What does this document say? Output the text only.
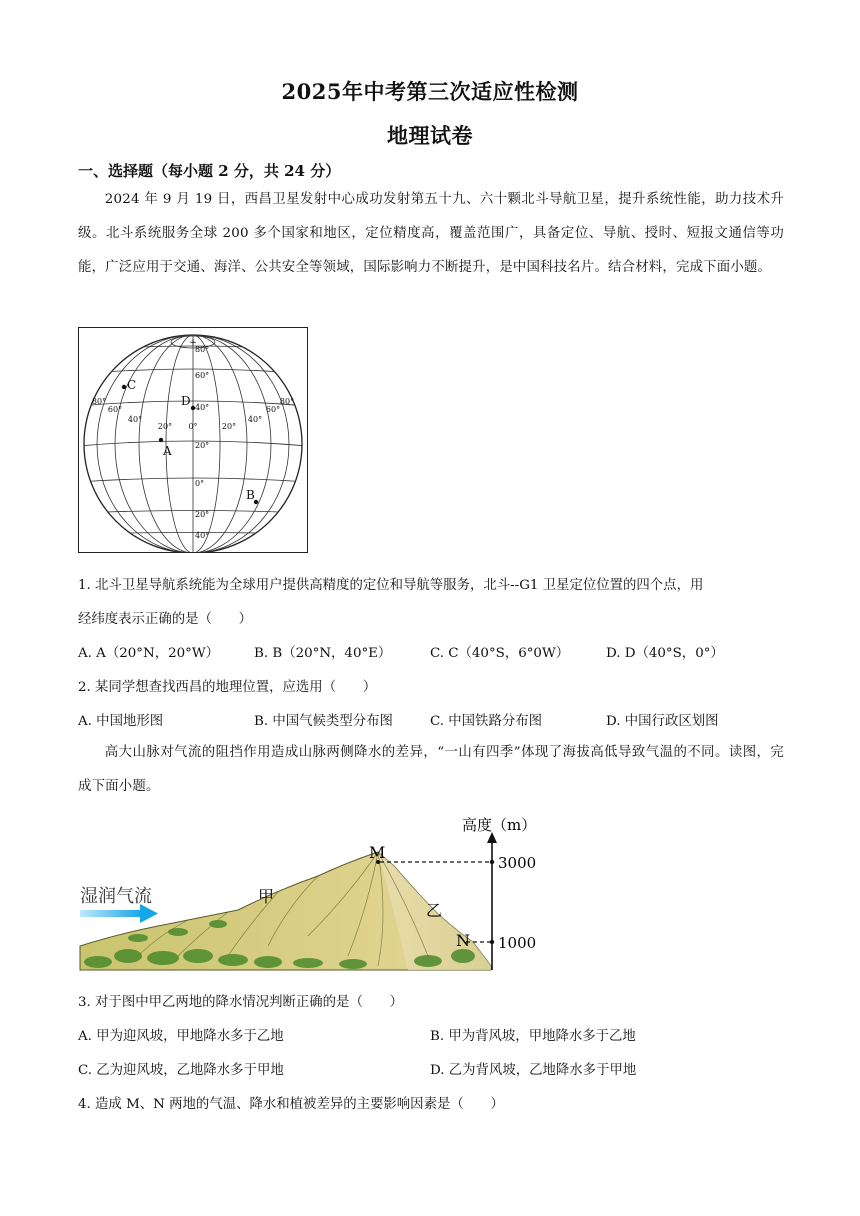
2025年中考第三次适应性检测
地理试卷
一、选择题（每小题 2 分，共 24 分）
2024 年 9 月 19 日，西昌卫星发射中心成功发射第五十九、六十颗北斗导航卫星，提升系统性能，助力技术升级。北斗系统服务全球 200 多个国家和地区，定位精度高，覆盖范围广，具备定位、导航、授时、短报文通信等功能，广泛应用于交通、海洋、公共安全等领域，国际影响力不断提升，是中国科技名片。结合材料，完成下面小题。
+
80°
60°
40°
20°
0°
20°
40°
80°
60°
40°
20° 0°	20°
40°
60°
80°
A
B
C
D
1. 北斗卫星导航系统能为全球用户提供高精度的定位和导航等服务，北斗--G1 卫星定位位置的四个点，用
经纬度表示正确的是（　　）
A. A（20°N，20°W）	B. B（20°N，40°E）	C. C（40°S，6°0W）	D. D（40°S，0°）
2. 某同学想查找西昌的地理位置，应选用（　　）
A. 中国地形图	B. 中国气候类型分布图	C. 中国铁路分布图	D. 中国行政区划图
高大山脉对气流的阻挡作用造成山脉两侧降水的差异，“一山有四季”体现了海拔高低导致气温的不同。读图，完成下面小题。
高度（m）
3000
1000
M
N
甲
乙
湿润气流
3. 对于图中甲乙两地的降水情况判断正确的是（　　）
A. 甲为迎风坡，甲地降水多于乙地	B. 甲为背风坡，甲地降水多于乙地
C. 乙为迎风坡，乙地降水多于甲地	D. 乙为背风坡，乙地降水多于甲地
4. 造成 M、N 两地的气温、降水和植被差异的主要影响因素是（　　）
